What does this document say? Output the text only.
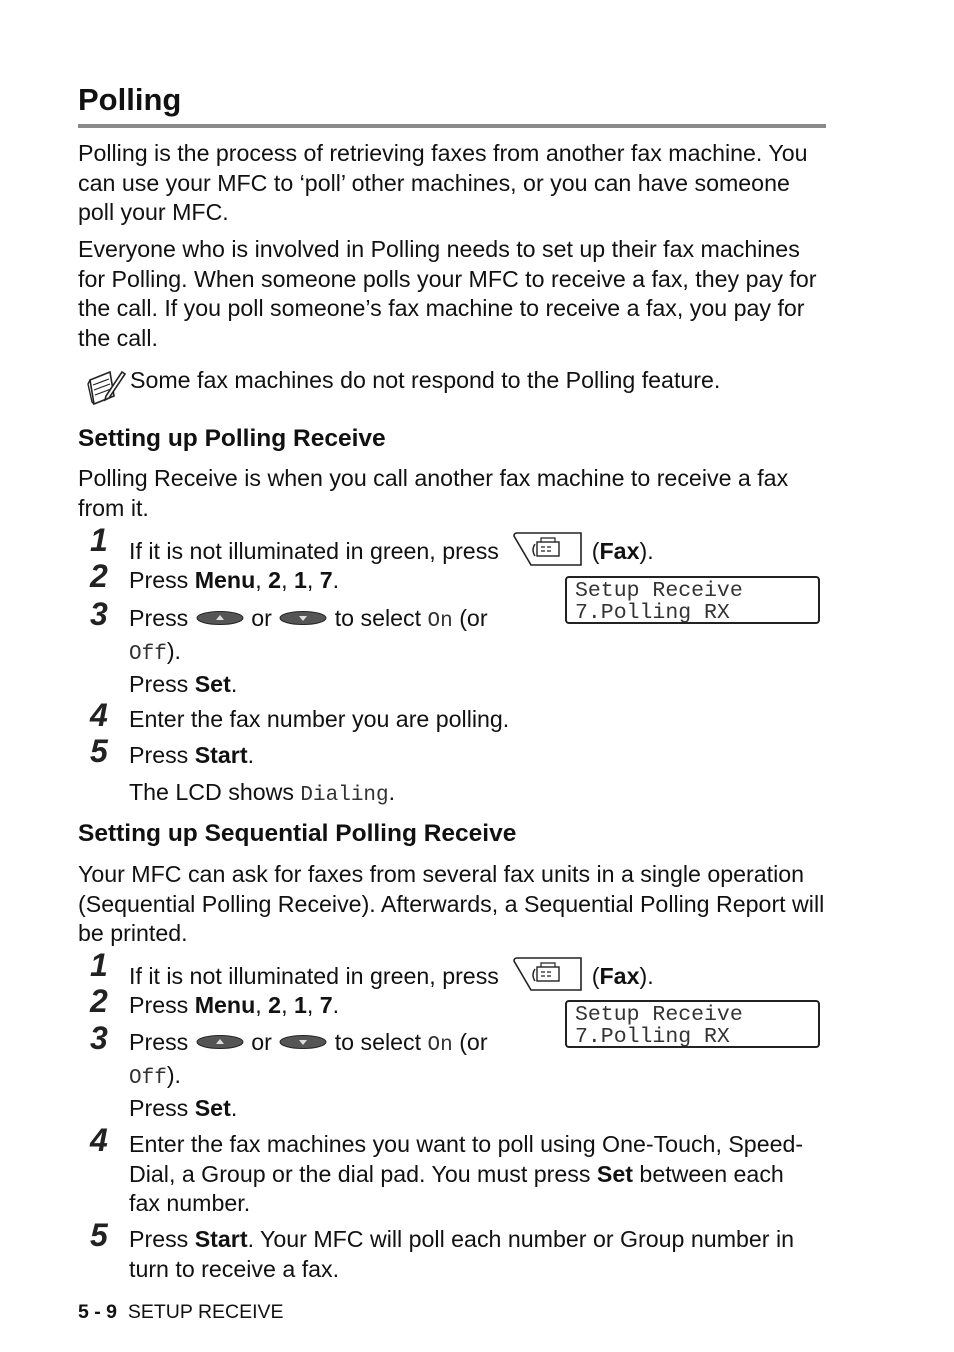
Polling
Polling is the process of retrieving faxes from another fax machine. You can use your MFC to ‘poll’ other machines, or you can have someone poll your MFC.
Everyone who is involved in Polling needs to set up their fax machines for Polling. When someone polls your MFC to receive a fax, they pay for the call. If you poll someone’s fax machine to receive a fax, you pay for the call.
Some fax machines do not respond to the Polling feature.
Setting up Polling Receive
Polling Receive is when you call another fax machine to receive a fax from it.
1 If it is not illuminated in green, press	(Fax).
2 Press Menu, 2, 1, 7.	Setup Receive
7.Polling RX
3 Press	or	to select On (or
Off).
Press Set.
4 Enter the fax number you are polling.
5 Press Start.
The LCD shows Dialing.
Setting up Sequential Polling Receive
Your MFC can ask for faxes from several fax units in a single operation (Sequential Polling Receive). Afterwards, a Sequential Polling Report will be printed.
1 If it is not illuminated in green, press	(Fax).
2 Press Menu, 2, 1, 7.	Setup Receive
7.Polling RX
3 Press	or	to select On (or
Off).
Press Set.
4 Enter the fax machines you want to poll using One-Touch, Speed-Dial, a Group or the dial pad. You must press Set between each fax number.
5 Press Start. Your MFC will poll each number or Group number in turn to receive a fax.
5 - 9 SETUP RECEIVE
